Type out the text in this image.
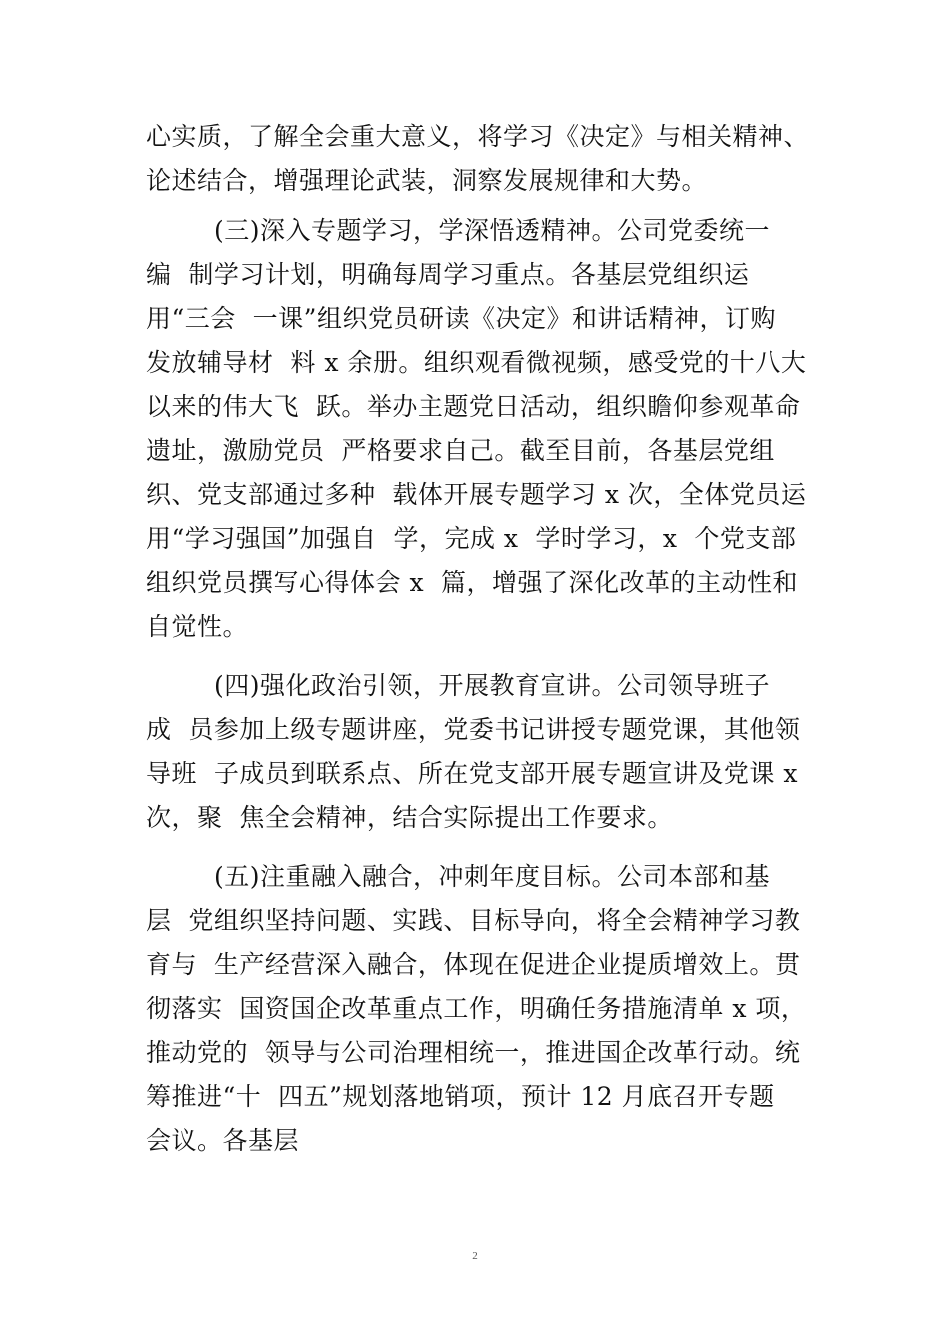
心实质，了解全会重大意义，将学习《决定》与相关精神、
论述结合，增强理论武装，洞察发展规律和大势。
(三)深入专题学习，学深悟透精神。公司党委统一
编  制学习计划，明确每周学习重点。各基层党组织运
用“三会  一课”组织党员研读《决定》和讲话精神，订购
发放辅导材  料 x 余册。组织观看微视频，感受党的十八大
以来的伟大飞  跃。举办主题党日活动，组织瞻仰参观革命
遗址，激励党员  严格要求自己。截至目前，各基层党组
织、党支部通过多种  载体开展专题学习 x 次，全体党员运
用“学习强国”加强自  学，完成 x  学时学习，x  个党支部
组织党员撰写心得体会 x  篇，增强了深化改革的主动性和
自觉性。
(四)强化政治引领，开展教育宣讲。公司领导班子
成  员参加上级专题讲座，党委书记讲授专题党课，其他领
导班  子成员到联系点、所在党支部开展专题宣讲及党课 x
次，聚  焦全会精神，结合实际提出工作要求。
(五)注重融入融合，冲刺年度目标。公司本部和基
层  党组织坚持问题、实践、目标导向，将全会精神学习教
育与  生产经营深入融合，体现在促进企业提质增效上。贯
彻落实  国资国企改革重点工作，明确任务措施清单 x 项，
推动党的  领导与公司治理相统一，推进国企改革行动。统
筹推进“十  四五”规划落地销项，预计 12 月底召开专题
会议。各基层
2
